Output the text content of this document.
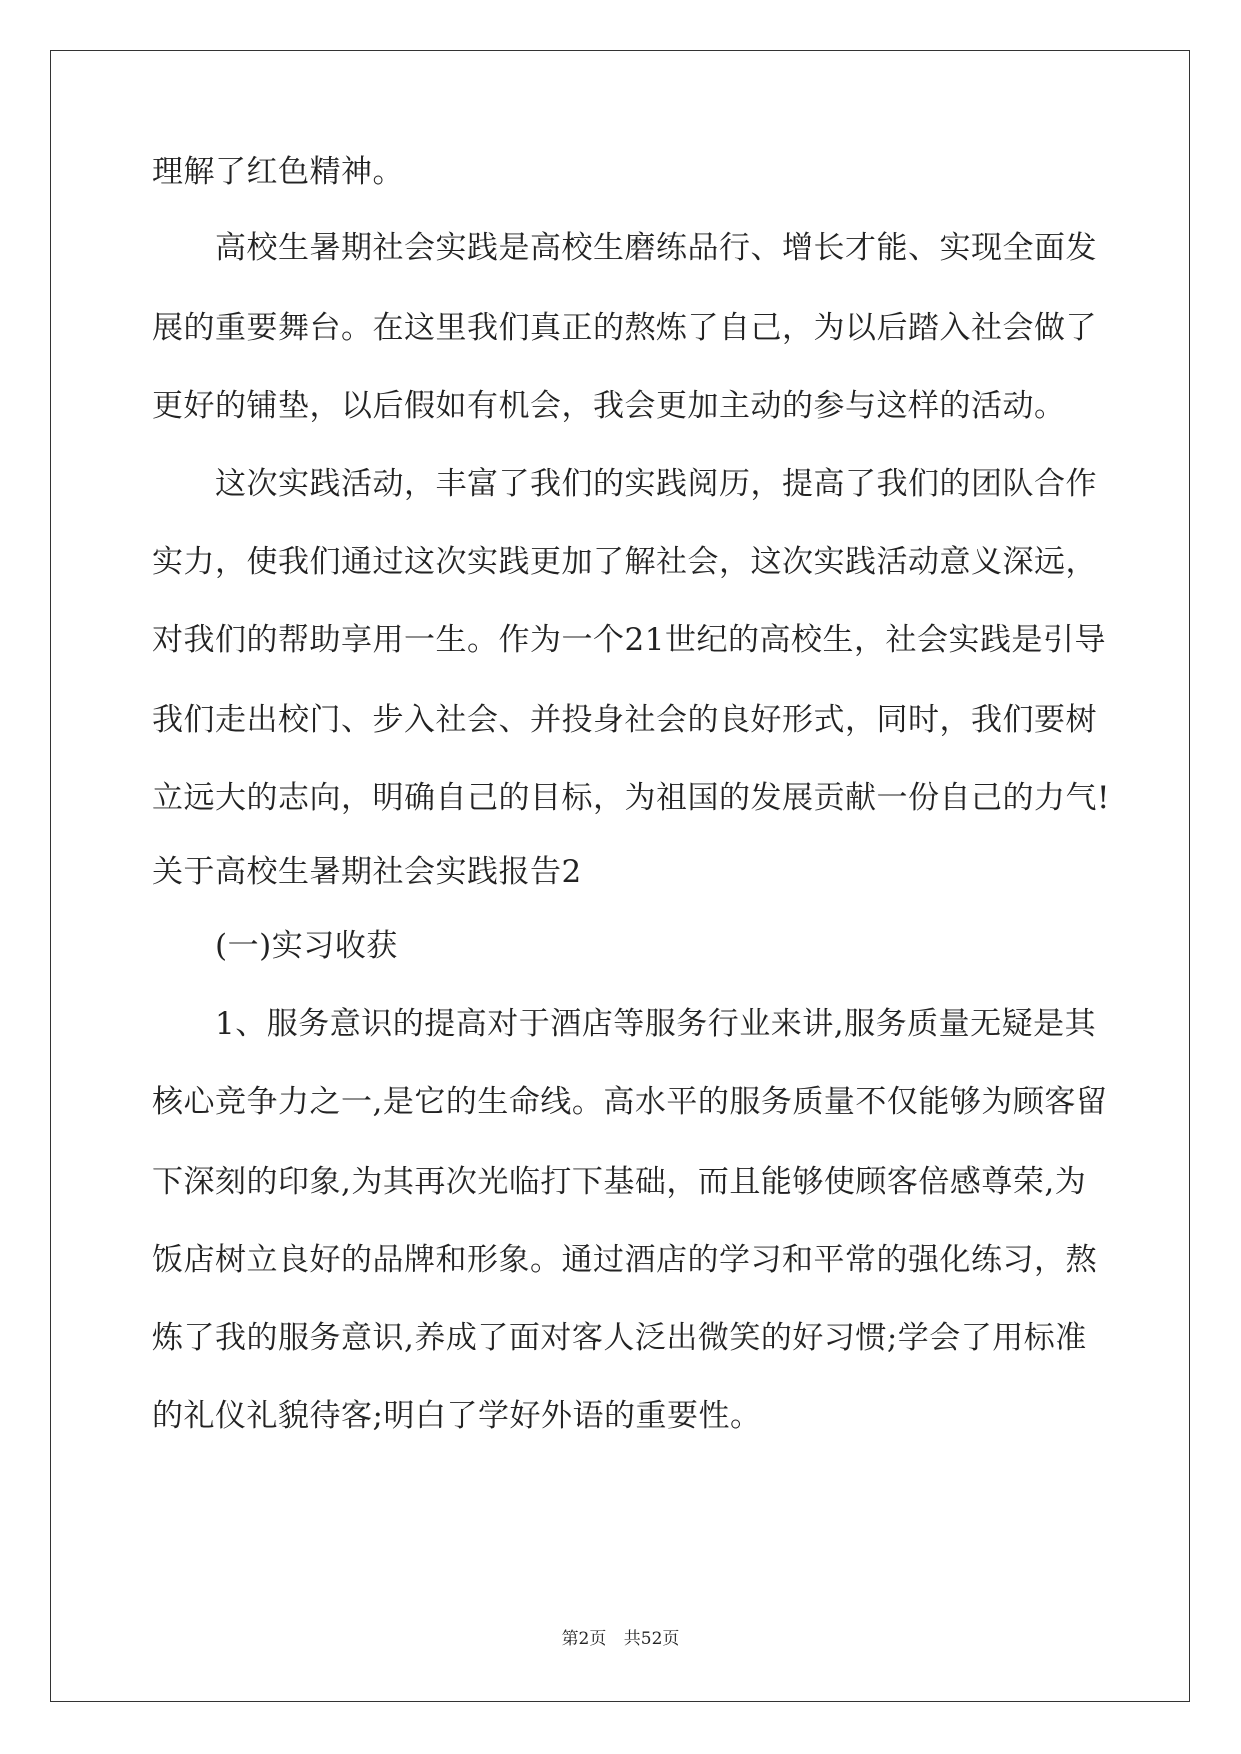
理解了红色精神。
　　高校生暑期社会实践是高校生磨练品行、增长才能、实现全面发
展的重要舞台。在这里我们真正的熬炼了自己，为以后踏入社会做了
更好的铺垫，以后假如有机会，我会更加主动的参与这样的活动。
　　这次实践活动，丰富了我们的实践阅历，提高了我们的团队合作
实力，使我们通过这次实践更加了解社会，这次实践活动意义深远，
对我们的帮助享用一生。作为一个21世纪的高校生，社会实践是引导
我们走出校门、步入社会、并投身社会的良好形式，同时，我们要树
立远大的志向，明确自己的目标，为祖国的发展贡献一份自己的力气!
关于高校生暑期社会实践报告2
　　(一)实习收获
　　1、服务意识的提高对于酒店等服务行业来讲,服务质量无疑是其
核心竞争力之一,是它的生命线。高水平的服务质量不仅能够为顾客留
下深刻的印象,为其再次光临打下基础，而且能够使顾客倍感尊荣,为
饭店树立良好的品牌和形象。通过酒店的学习和平常的强化练习，熬
炼了我的服务意识,养成了面对客人泛出微笑的好习惯;学会了用标准
的礼仪礼貌待客;明白了学好外语的重要性。
第2页 共52页
